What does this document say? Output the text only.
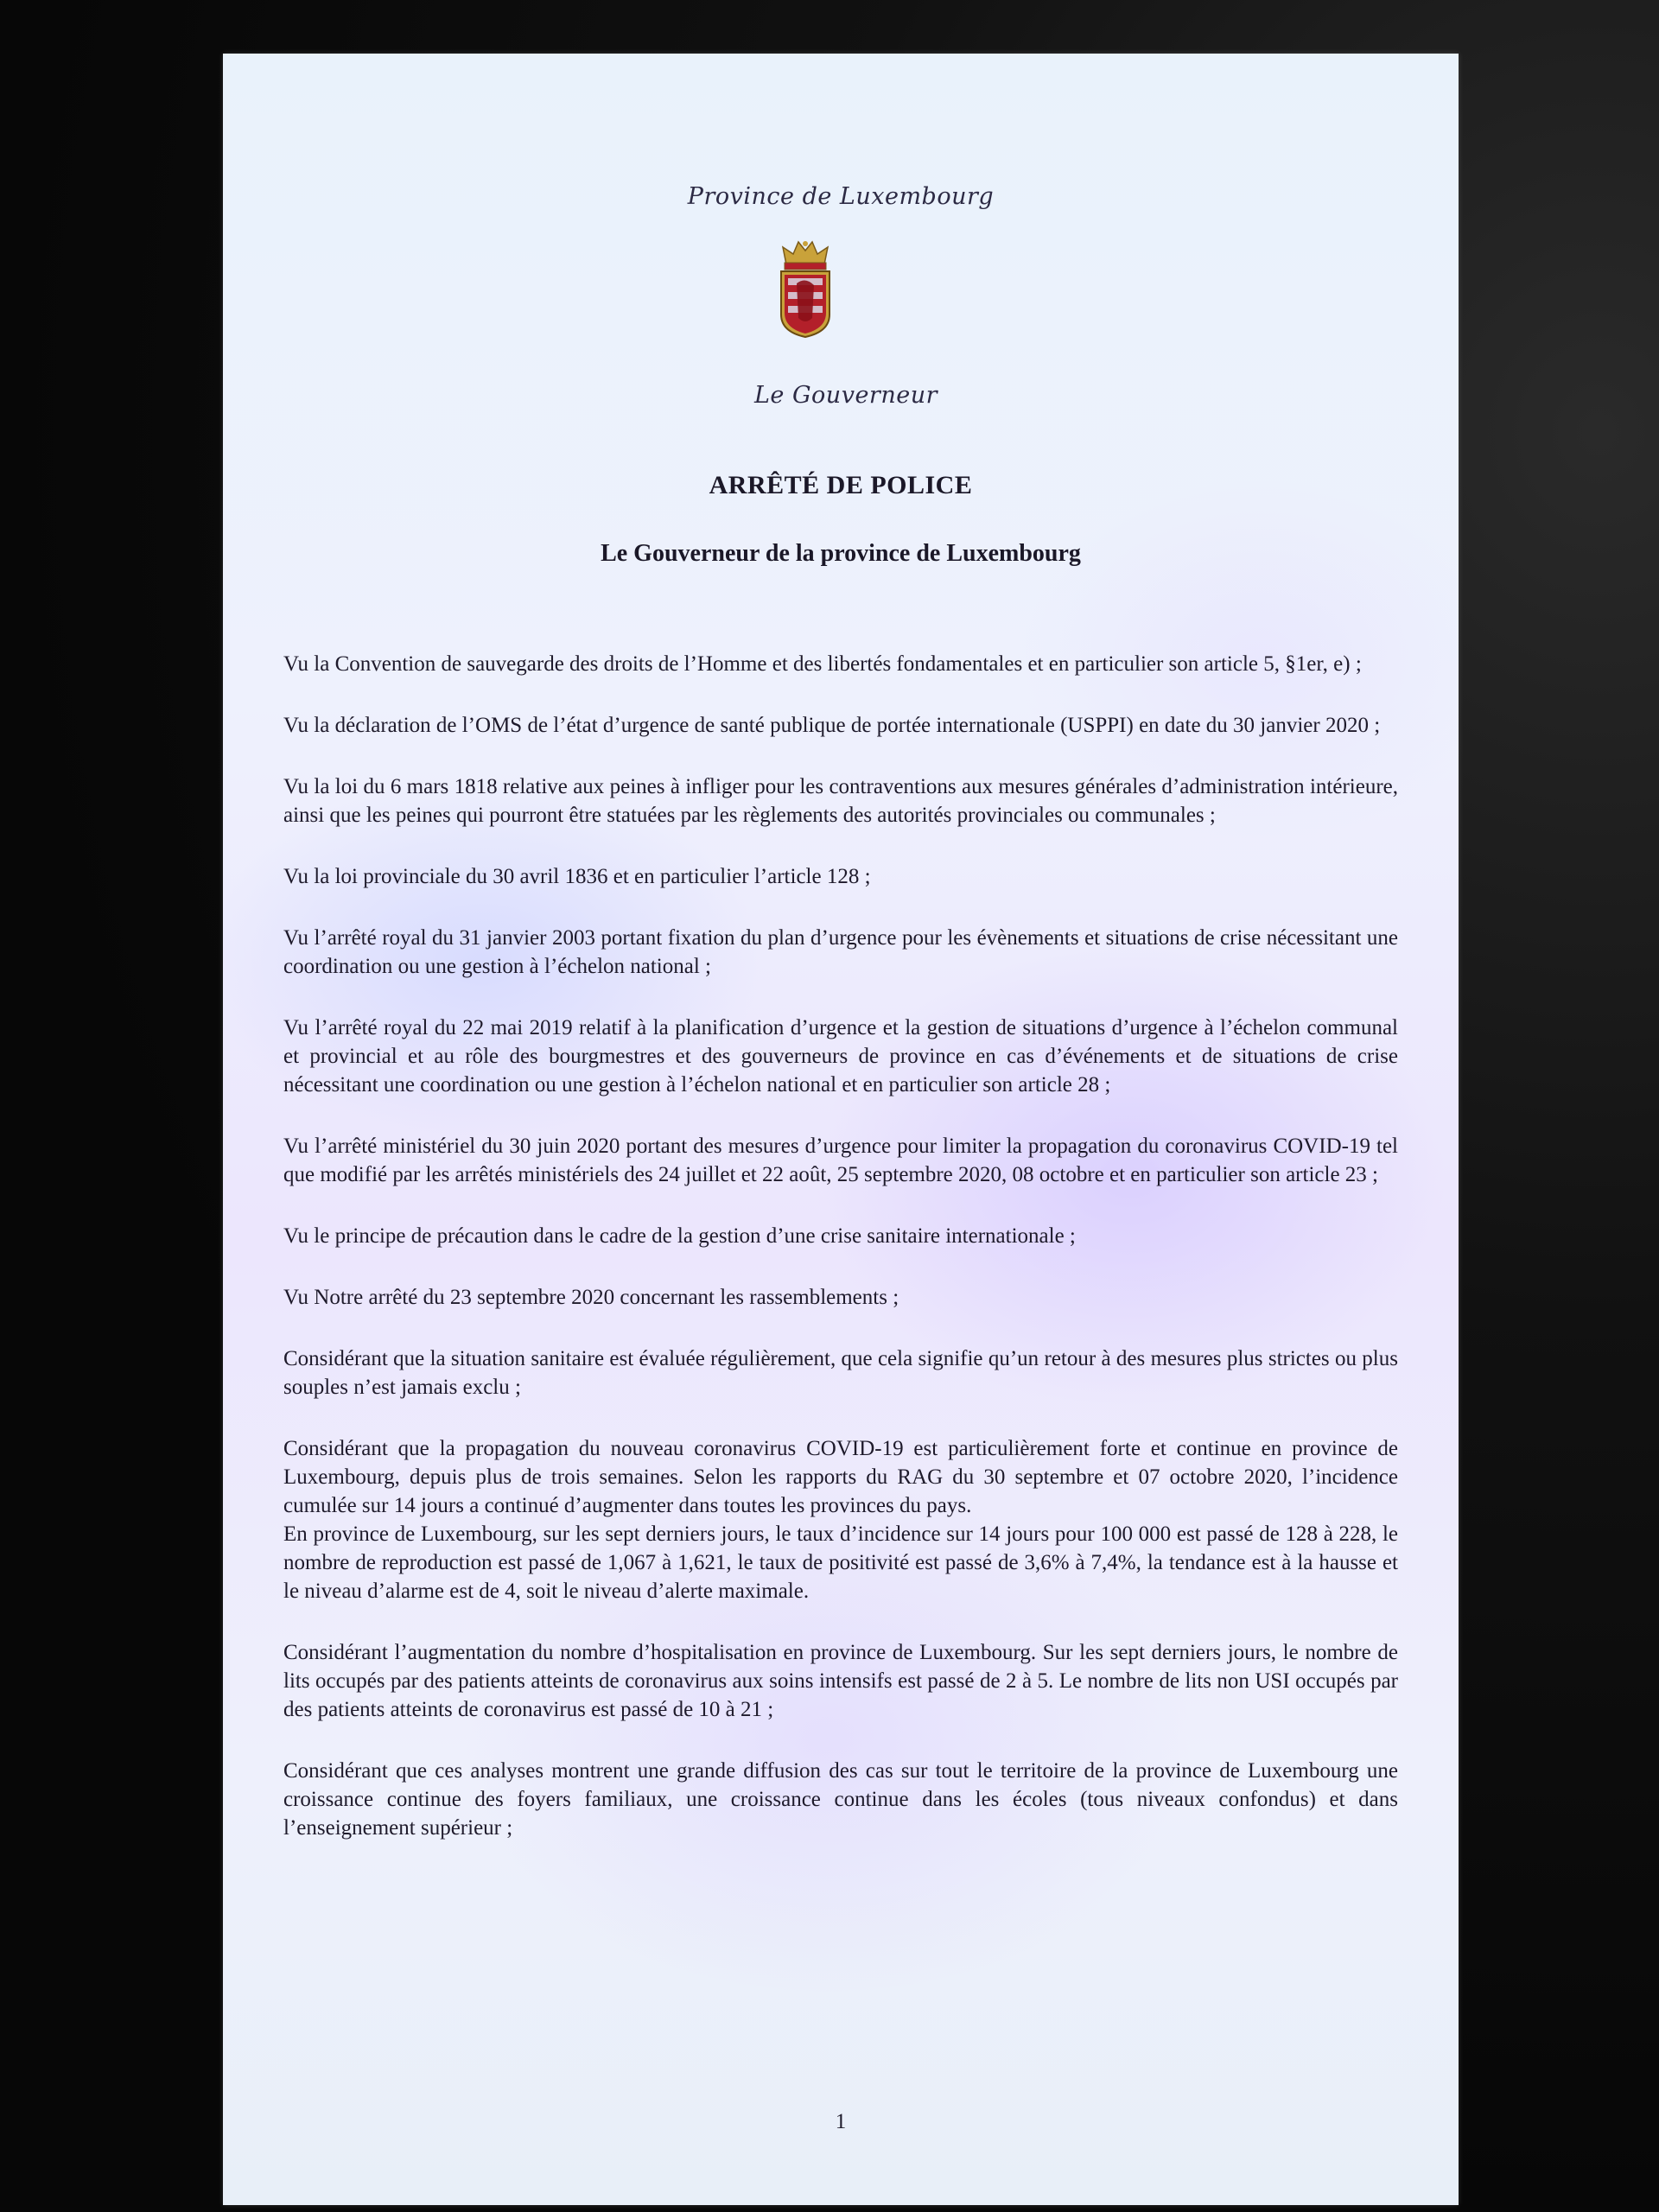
Province de Luxembourg
Le Gouverneur
ARRÊTÉ DE POLICE
Le Gouverneur de la province de Luxembourg

Vu la Convention de sauvegarde des droits de l’Homme et des libertés fondamentales et en particulier son article 5, §1er, e) ;

Vu la déclaration de l’OMS de l’état d’urgence de santé publique de portée internationale (USPPI) en date du 30 janvier 2020 ;

Vu la loi du 6 mars 1818 relative aux peines à infliger pour les contraventions aux mesures générales d’administration intérieure, ainsi que les peines qui pourront être statuées par les règlements des autorités provinciales ou communales ;

Vu la loi provinciale du 30 avril 1836 et en particulier l’article 128 ;

Vu l’arrêté royal du 31 janvier 2003 portant fixation du plan d’urgence pour les évènements et situations de crise nécessitant une coordination ou une gestion à l’échelon national ;

Vu l’arrêté royal du 22 mai 2019 relatif à la planification d’urgence et la gestion de situations d’urgence à l’échelon communal et provincial et au rôle des bourgmestres et des gouverneurs de province en cas d’événements et de situations de crise nécessitant une coordination ou une gestion à l’échelon national et en particulier son article 28 ;

Vu l’arrêté ministériel du 30 juin 2020 portant des mesures d’urgence pour limiter la propagation du coronavirus COVID-19 tel que modifié par les arrêtés ministériels des 24 juillet et 22 août, 25 septembre 2020, 08 octobre et en particulier son article 23 ;

Vu le principe de précaution dans le cadre de la gestion d’une crise sanitaire internationale ;

Vu Notre arrêté du 23 septembre 2020 concernant les rassemblements ;

Considérant que la situation sanitaire est évaluée régulièrement, que cela signifie qu’un retour à des mesures plus strictes ou plus souples n’est jamais exclu ;

Considérant que la propagation du nouveau coronavirus COVID-19 est particulièrement forte et continue en province de Luxembourg, depuis plus de trois semaines. Selon les rapports du RAG du 30 septembre et 07 octobre 2020, l’incidence cumulée sur 14 jours a continué d’augmenter dans toutes les provinces du pays.
En province de Luxembourg, sur les sept derniers jours, le taux d’incidence sur 14 jours pour 100 000 est passé de 128 à 228, le nombre de reproduction est passé de 1,067 à 1,621, le taux de positivité est passé de 3,6% à 7,4%, la tendance est à la hausse et le niveau d’alarme est de 4, soit le niveau d’alerte maximale.

Considérant l’augmentation du nombre d’hospitalisation en province de Luxembourg. Sur les sept derniers jours, le nombre de lits occupés par des patients atteints de coronavirus aux soins intensifs est passé de 2 à 5. Le nombre de lits non USI occupés par des patients atteints de coronavirus est passé de 10 à 21 ;

Considérant que ces analyses montrent une grande diffusion des cas sur tout le territoire de la province de Luxembourg une croissance continue des foyers familiaux, une croissance continue dans les écoles (tous niveaux confondus) et dans l’enseignement supérieur ;

1
